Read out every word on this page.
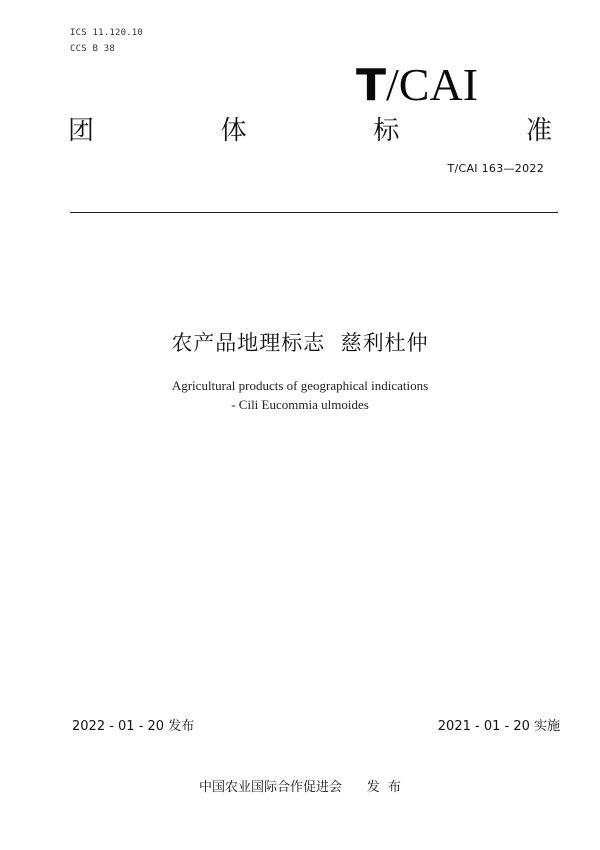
ICS 11.120.10
CCS B 38
T/CAI
团	体	标	准
T/CAI 163—2022
农产品地理标志  慈利杜仲
Agricultural products of geographical indications
- Cili Eucommia ulmoides
2022 - 01 - 20 发布	2021 - 01 - 20 实施
中国农业国际合作促进会      发  布
